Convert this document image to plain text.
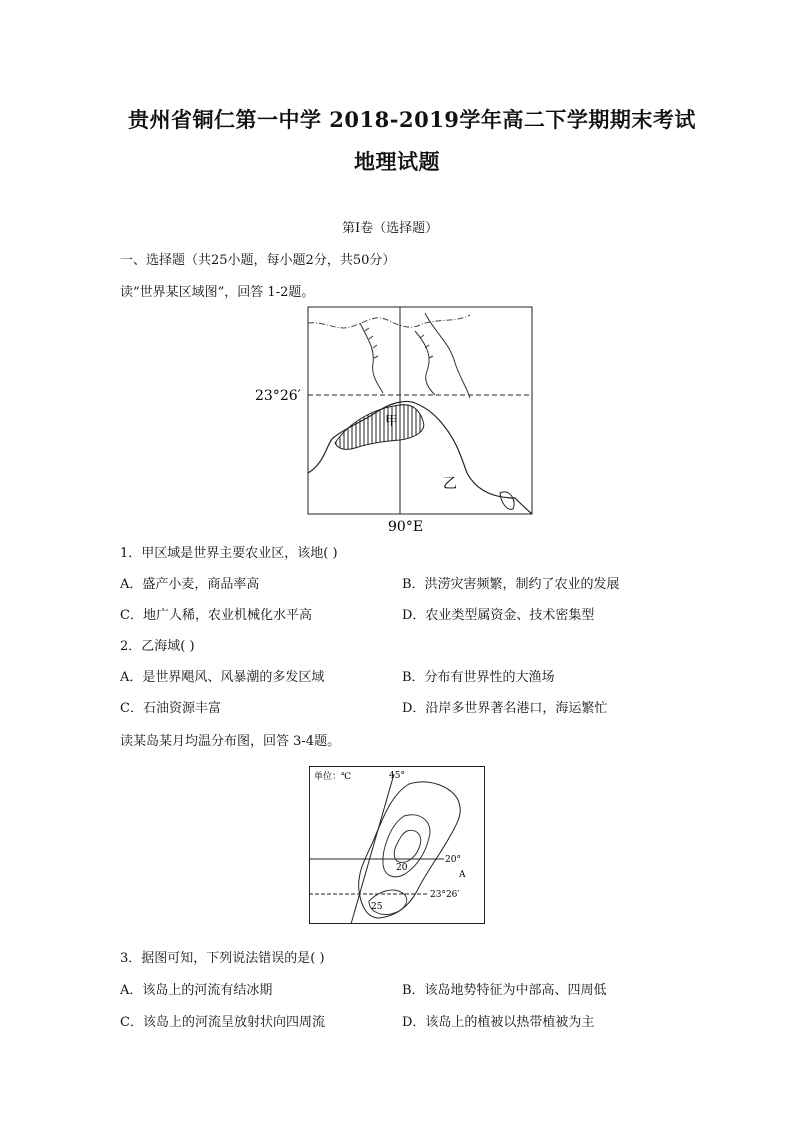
贵州省铜仁第一中学 2018-2019学年高二下学期期末考试
地理试题
第Ⅰ卷（选择题）
一、选择题（共25小题，每小题2分，共50分）
读“世界某区域图”，回答 1-2题。
23°26′
90°E
甲
乙
1．甲区域是世界主要农业区，该地( )
A．盛产小麦，商品率高	B．洪涝灾害频繁，制约了农业的发展
C．地广人稀，农业机械化水平高	D．农业类型属资金、技术密集型
2．乙海域( )
A．是世界飓风、风暴潮的多发区域	B．分布有世界性的大渔场
C．石油资源丰富	D．沿岸多世界著名港口，海运繁忙
读某岛某月均温分布图，回答 3-4题。
单位：℃	45°
20
25
20°
A
23°26′
3．据图可知，下列说法错误的是( )
A．该岛上的河流有结冰期	B．该岛地势特征为中部高、四周低
C．该岛上的河流呈放射状向四周流	D．该岛上的植被以热带植被为主
